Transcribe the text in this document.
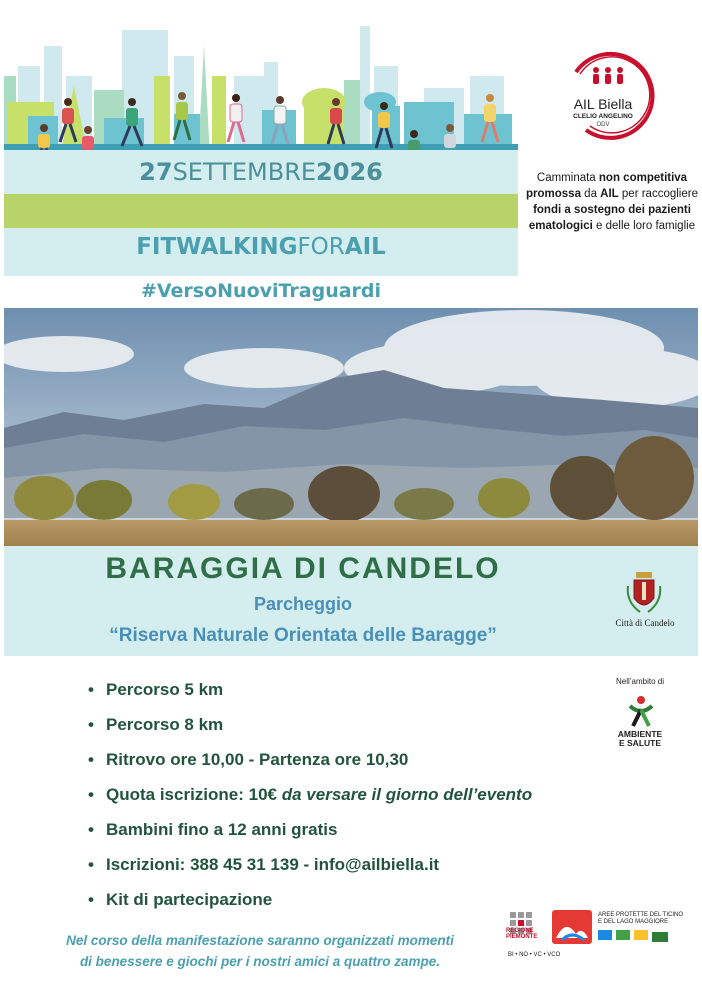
27SETTEMBRE2026
FITWALKINGFORAIL
#VersoNuoviTraguardi
AIL Biella
CLELIO ANGELINO
ODV
Camminata non competitiva promossa da AIL per raccogliere fondi a sostegno dei pazienti ematologici e delle loro famiglie
BARAGGIA DI CANDELO
Parcheggio
“Riserva Naturale Orientata delle Baragge”
Città di Candelo
• Percorso 5 km
• Percorso 8 km
• Ritrovo ore 10,00 - Partenza ore 10,30
• Quota iscrizione: 10€ da versare il giorno dell’evento
• Bambini fino a 12 anni gratis
• Iscrizioni: 388 45 31 139 - info@ailbiella.it
• Kit di partecipazione
Nell’ambito di
AMBIENTE
E SALUTE
Nel corso della manifestazione saranno organizzati momenti
di benessere e giochi per i nostri amici a quattro zampe.
REGIONE PIEMONTE
AREE PROTETTE DEL TICINO
E DEL LAGO MAGGIORE
BI • NO • VC • VCO
